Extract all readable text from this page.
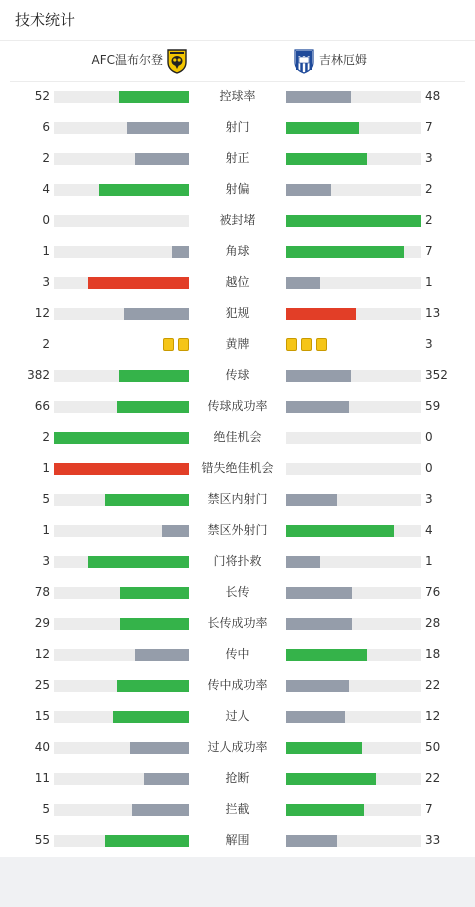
技术统计
AFC温布尔登	吉林厄姆
52	控球率	48
6	射门	7
2	射正	3
4	射偏	2
0	被封堵	2
1	角球	7
3	越位	1
12	犯规	13
2	黄牌	3
382	传球	352
66	传球成功率	59
2	绝佳机会	0
1	错失绝佳机会	0
5	禁区内射门	3
1	禁区外射门	4
3	门将扑救	1
78	长传	76
29	长传成功率	28
12	传中	18
25	传中成功率	22
15	过人	12
40	过人成功率	50
11	抢断	22
5	拦截	7
55	解围	33
